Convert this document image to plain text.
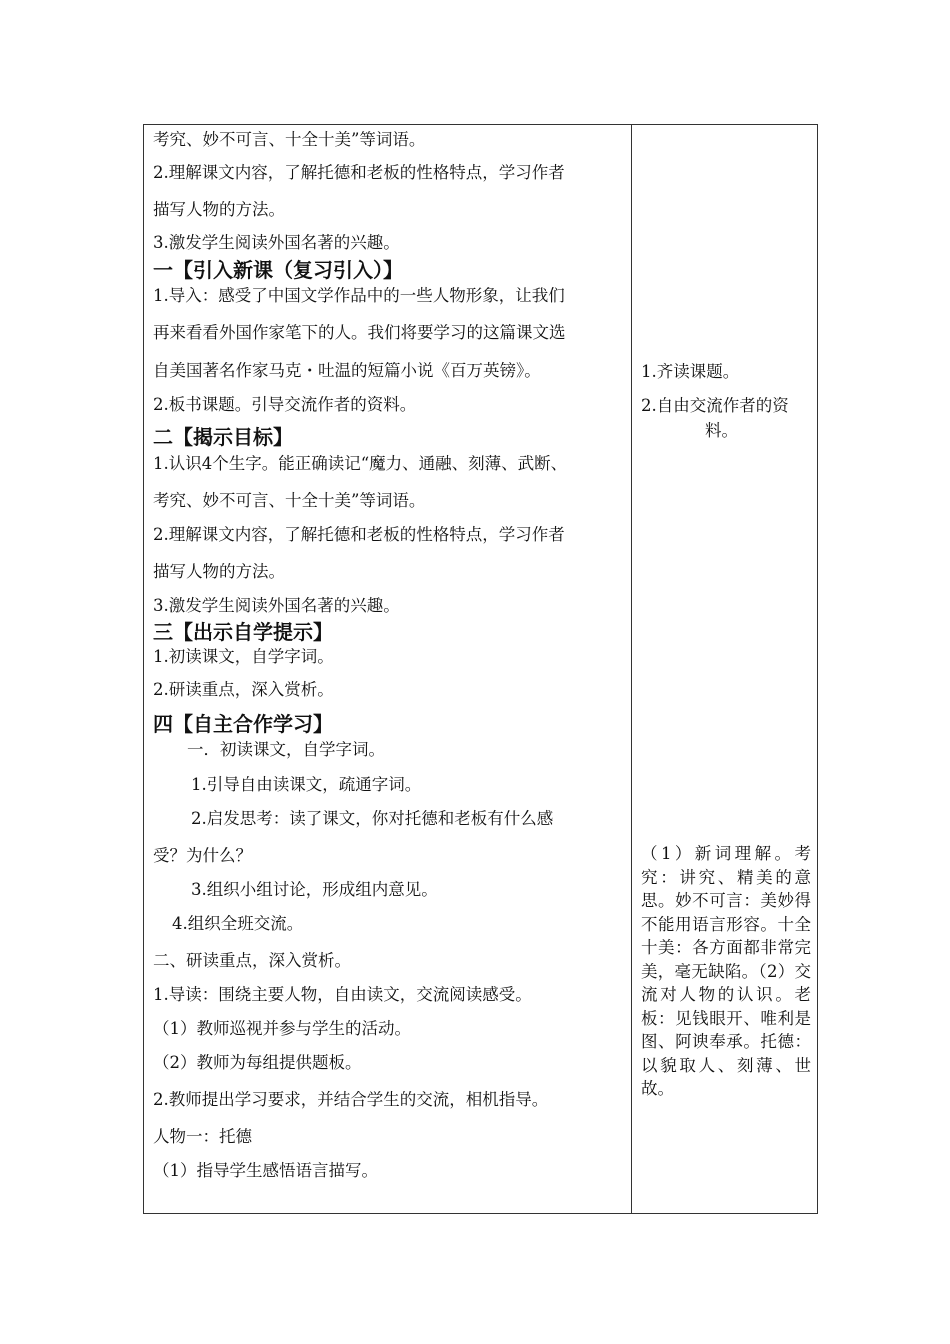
考究、妙不可言、十全十美”等词语。
2.理解课文内容，了解托德和老板的性格特点，学习作者
描写人物的方法。
3.激发学生阅读外国名著的兴趣。
一【引入新课（复习引入）】
1.导入：感受了中国文学作品中的一些人物形象，让我们
再来看看外国作家笔下的人。我们将要学习的这篇课文选
自美国著名作家马克・吐温的短篇小说《百万英镑》。
2.板书课题。引导交流作者的资料。
二【揭示目标】
1.认识4个生字。能正确读记“魔力、通融、刻薄、武断、
考究、妙不可言、十全十美”等词语。
2.理解课文内容，了解托德和老板的性格特点，学习作者
描写人物的方法。
3.激发学生阅读外国名著的兴趣。
三【出示自学提示】
1.初读课文，自学字词。
2.研读重点，深入赏析。
四【自主合作学习】
一．初读课文，自学字词。
1.引导自由读课文，疏通字词。
2.启发思考：读了课文，你对托德和老板有什么感
受？为什么？
3.组织小组讨论，形成组内意见。
4.组织全班交流。
二、研读重点，深入赏析。
1.导读：围绕主要人物，自由读文，交流阅读感受。
（1）教师巡视并参与学生的活动。
（2）教师为每组提供题板。
2.教师提出学习要求，并结合学生的交流，相机指导。
人物一：托德
（1）指导学生感悟语言描写。
1.齐读课题。
2.自由交流作者的资
料。
（1）新词理解。考究：讲究、精美的意思。妙不可言：美妙得不能用语言形容。十全十美：各方面都非常完美，毫无缺陷。（2）交流对人物的认识。老板：见钱眼开、唯利是图、阿谀奉承。托德：以貌取人、刻薄、世故。
